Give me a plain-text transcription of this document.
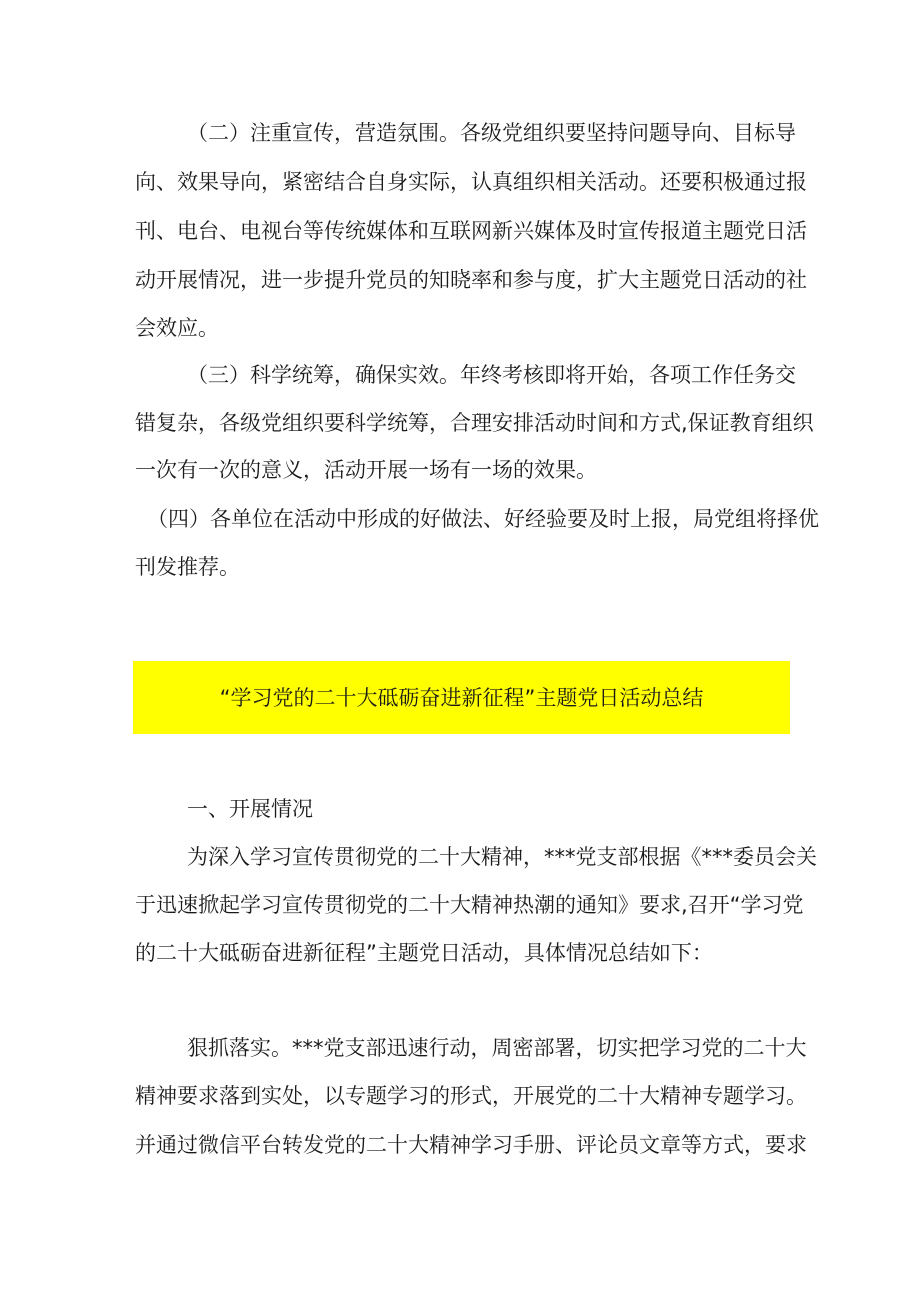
（二）注重宣传，营造氛围。各级党组织要坚持问题导向、目标导
向、效果导向，紧密结合自身实际，认真组织相关活动。还要积极通过报
刊、电台、电视台等传统媒体和互联网新兴媒体及时宣传报道主题党日活
动开展情况，进一步提升党员的知晓率和参与度，扩大主题党日活动的社
会效应。
（三）科学统筹，确保实效。年终考核即将开始，各项工作任务交
错复杂，各级党组织要科学统筹，合理安排活动时间和方式,保证教育组织
一次有一次的意义，活动开展一场有一场的效果。
（四）各单位在活动中形成的好做法、好经验要及时上报，局党组将择优
刊发推荐。
“学习党的二十大砥砺奋进新征程”主题党日活动总结
一、开展情况
为深入学习宣传贯彻党的二十大精神，***党支部根据《***委员会关
于迅速掀起学习宣传贯彻党的二十大精神热潮的通知》要求,召开“学习党
的二十大砥砺奋进新征程”主题党日活动，具体情况总结如下：
狠抓落实。***党支部迅速行动，周密部署，切实把学习党的二十大
精神要求落到实处，以专题学习的形式，开展党的二十大精神专题学习。
并通过微信平台转发党的二十大精神学习手册、评论员文章等方式，要求
